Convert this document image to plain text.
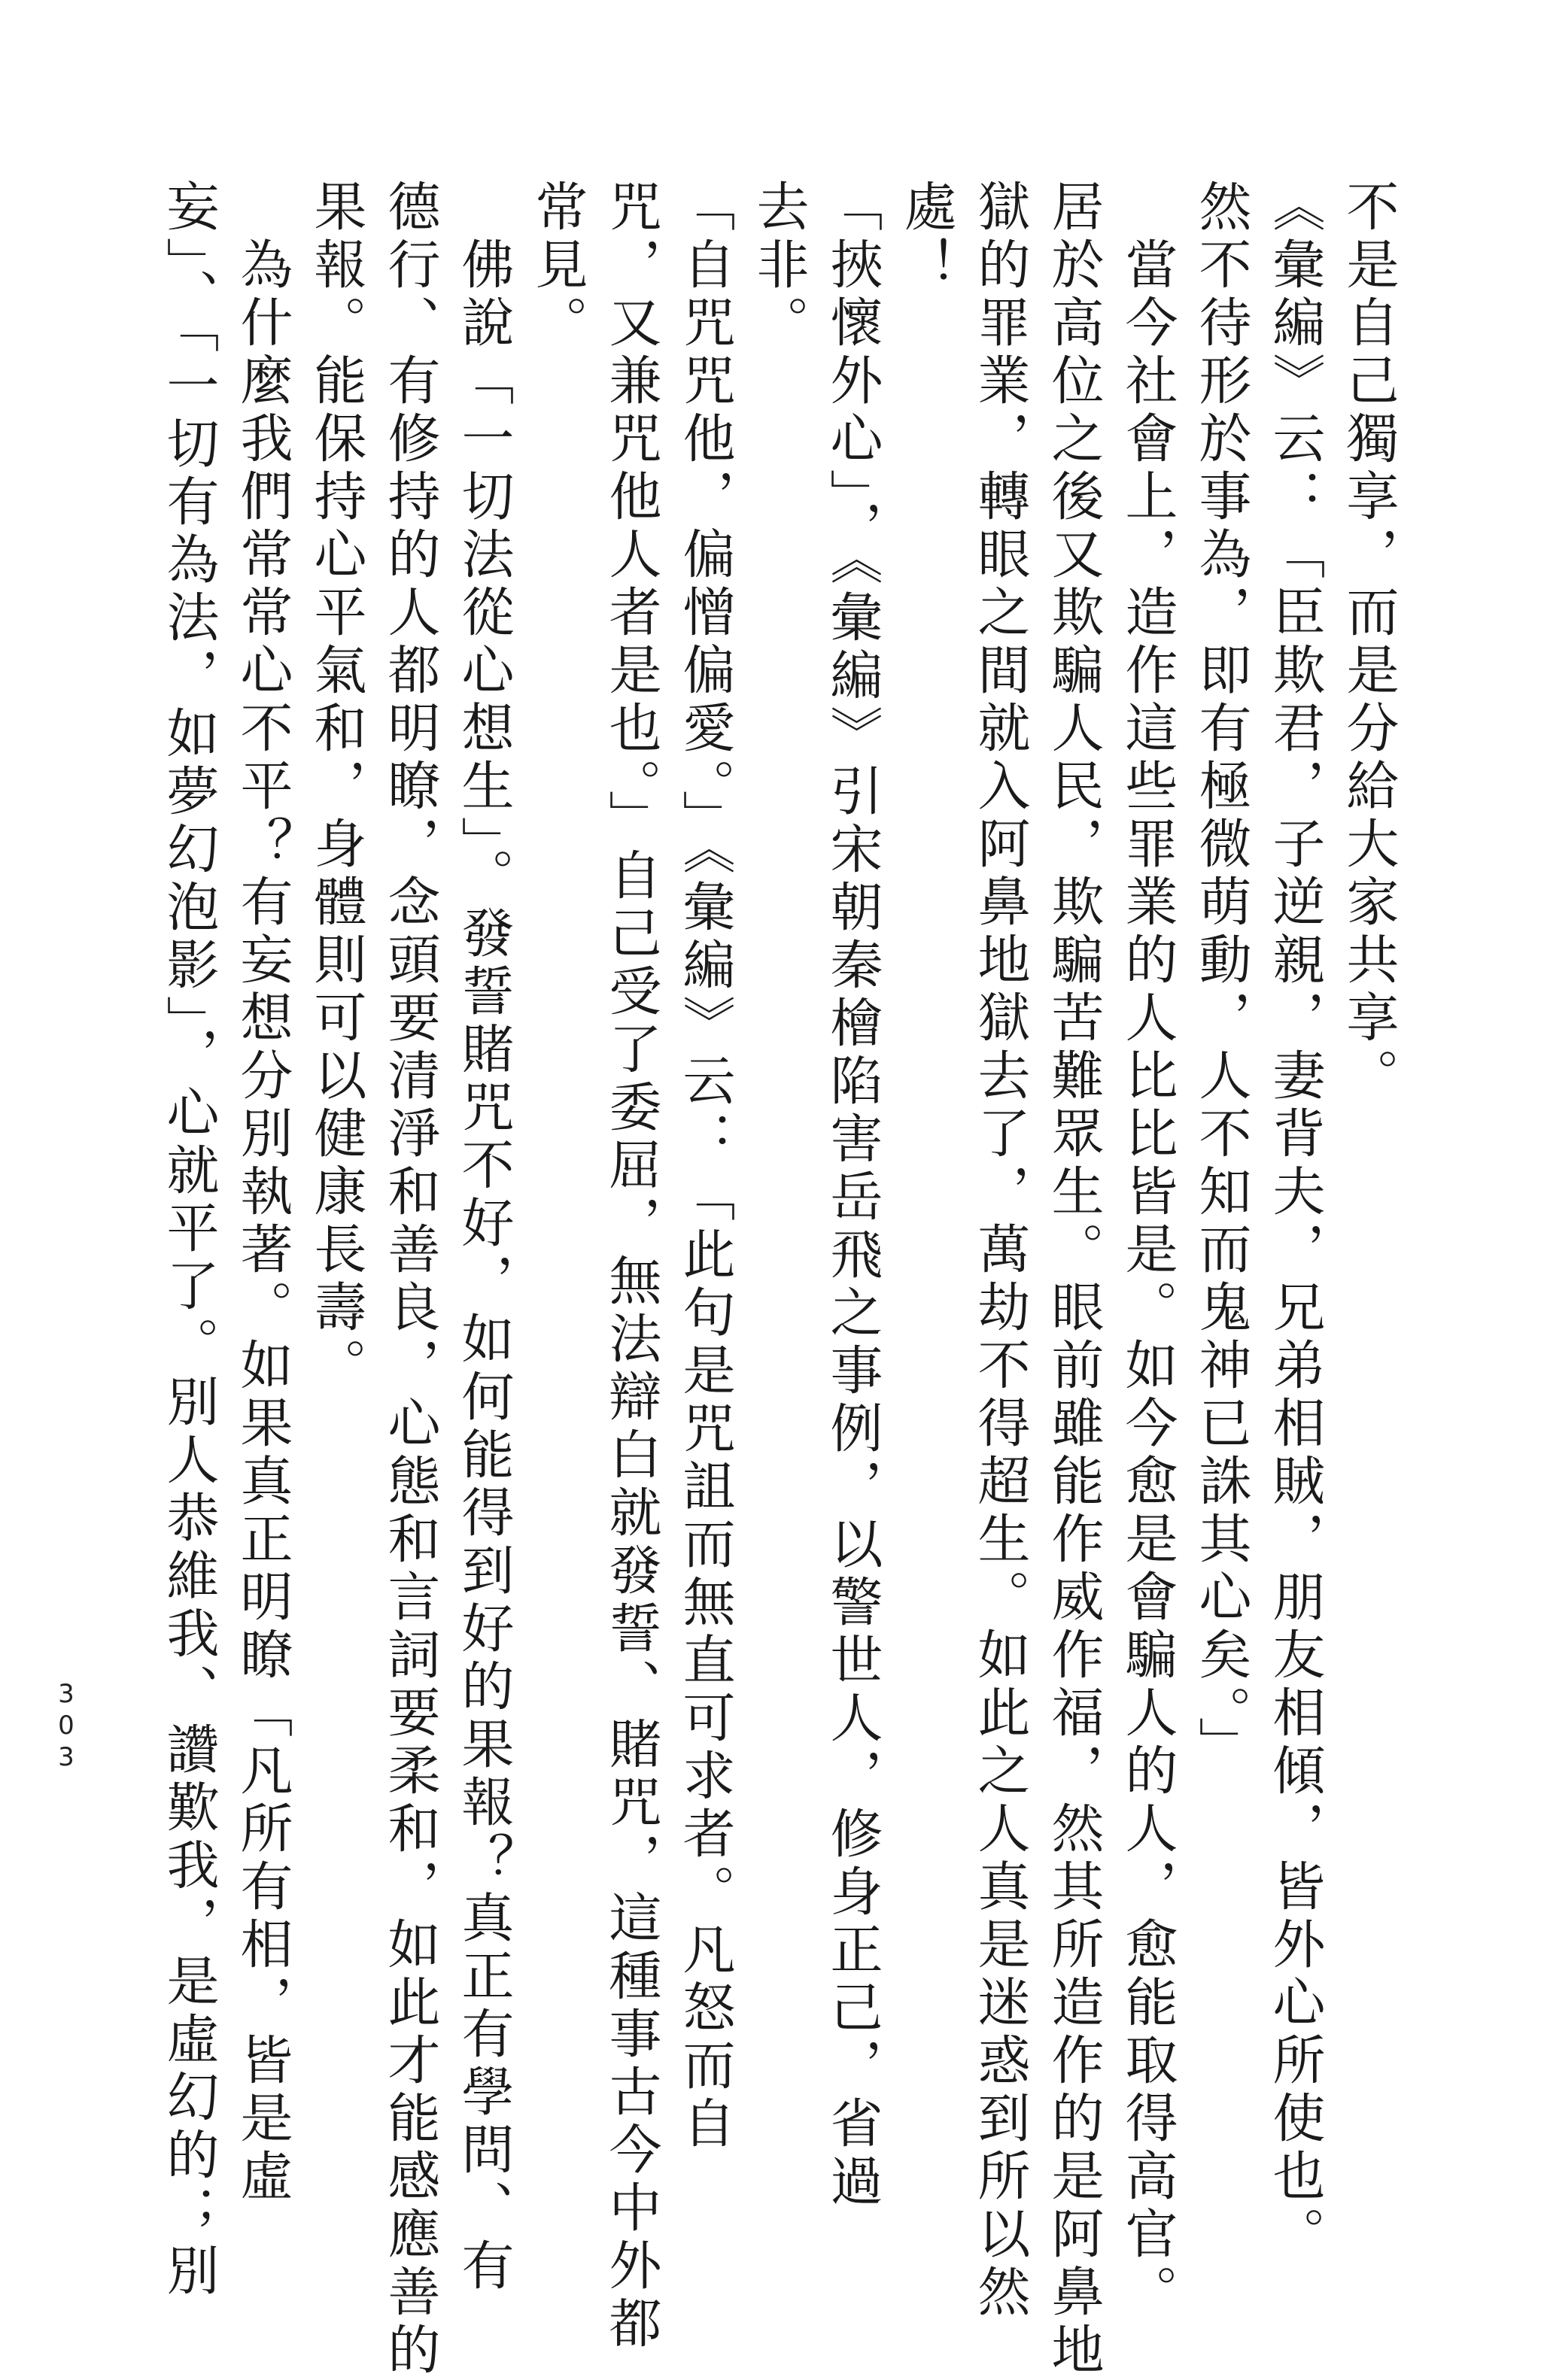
不是自己獨享，而是分給大家共享。
《彙編》云：「臣欺君，子逆親，妻背夫，兄弟相賊，朋友相傾，皆外心所使也。
然不待形於事為，即有極微萌動，人不知而鬼神已誅其心矣。」
　當今社會上，造作這些罪業的人比比皆是。如今愈是會騙人的人，愈能取得高官。
居於高位之後又欺騙人民，欺騙苦難眾生。眼前雖能作威作福，然其所造作的是阿鼻地
獄的罪業，轉眼之間就入阿鼻地獄去了，萬劫不得超生。如此之人真是迷惑到所以然
處！
「挾懷外心」，《彙編》引宋朝秦檜陷害岳飛之事例，以警世人，修身正己，省過
去非。
「自咒咒他，偏憎偏愛。」《彙編》云：「此句是咒詛而無直可求者。凡怒而自
咒，又兼咒他人者是也。」自己受了委屈，無法辯白就發誓、賭咒，這種事古今中外都
常見。
　佛說「一切法從心想生」。發誓賭咒不好，如何能得到好的果報？真正有學問、有
德行、有修持的人都明瞭，念頭要清淨和善良，心態和言詞要柔和，如此才能感應善的
果報。能保持心平氣和，身體則可以健康長壽。
　為什麼我們常常心不平？有妄想分別執著。如果真正明瞭「凡所有相，皆是虛
妄」、「一切有為法，如夢幻泡影」，心就平了。別人恭維我、讚歎我，是虛幻的；別
303
